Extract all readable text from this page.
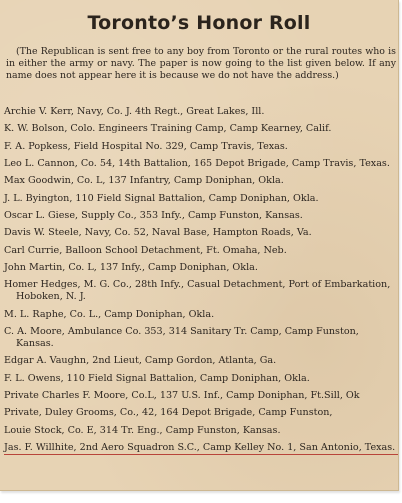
Toronto’s Honor Roll

(The Republican is sent free to any boy from Toronto or the rural routes who is in either the army or navy. The paper is now going to the list given below. If any name does not appear here it is because we do not have the address.)

Archie V. Kerr, Navy, Co. J. 4th Regt., Great Lakes, Ill.
K. W. Bolson, Colo. Engineers Training Camp, Camp Kearney, Calif.
F. A. Popkess, Field Hospital No. 329, Camp Travis, Texas.
Leo L. Cannon, Co. 54, 14th Battalion, 165 Depot Brigade, Camp Travis, Texas.
Max Goodwin, Co. L, 137 Infantry, Camp Doniphan, Okla.
J. L. Byington, 110 Field Signal Battalion, Camp Doniphan, Okla.
Oscar L. Giese, Supply Co., 353 Infy., Camp Funston, Kansas.
Davis W. Steele, Navy, Co. 52, Naval Base, Hampton Roads, Va.
Carl Currie, Balloon School Detachment, Ft. Omaha, Neb.
John Martin, Co. L, 137 Infy., Camp Doniphan, Okla.
Homer Hedges, M. G. Co., 28th Infy., Casual Detachment, Port of Embarkation, Hoboken, N. J.
M. L. Raphe, Co. L., Camp Doniphan, Okla.
C. A. Moore, Ambulance Co. 353, 314 Sanitary Tr. Camp, Camp Funston, Kansas.
Edgar A. Vaughn, 2nd Lieut, Camp Gordon, Atlanta, Ga.
F. L. Owens, 110 Field Signal Battalion, Camp Doniphan, Okla.
Private Charles F. Moore, Co.L, 137 U.S. Inf., Camp Doniphan, Ft.Sill, Ok
Private, Duley Grooms, Co., 42, 164 Depot Brigade, Camp Funston,
Louie Stock, Co. E, 314 Tr. Eng., Camp Funston, Kansas.
Jas. F. Willhite, 2nd Aero Squadron S.C., Camp Kelley No. 1, San Antonio, Texas.
